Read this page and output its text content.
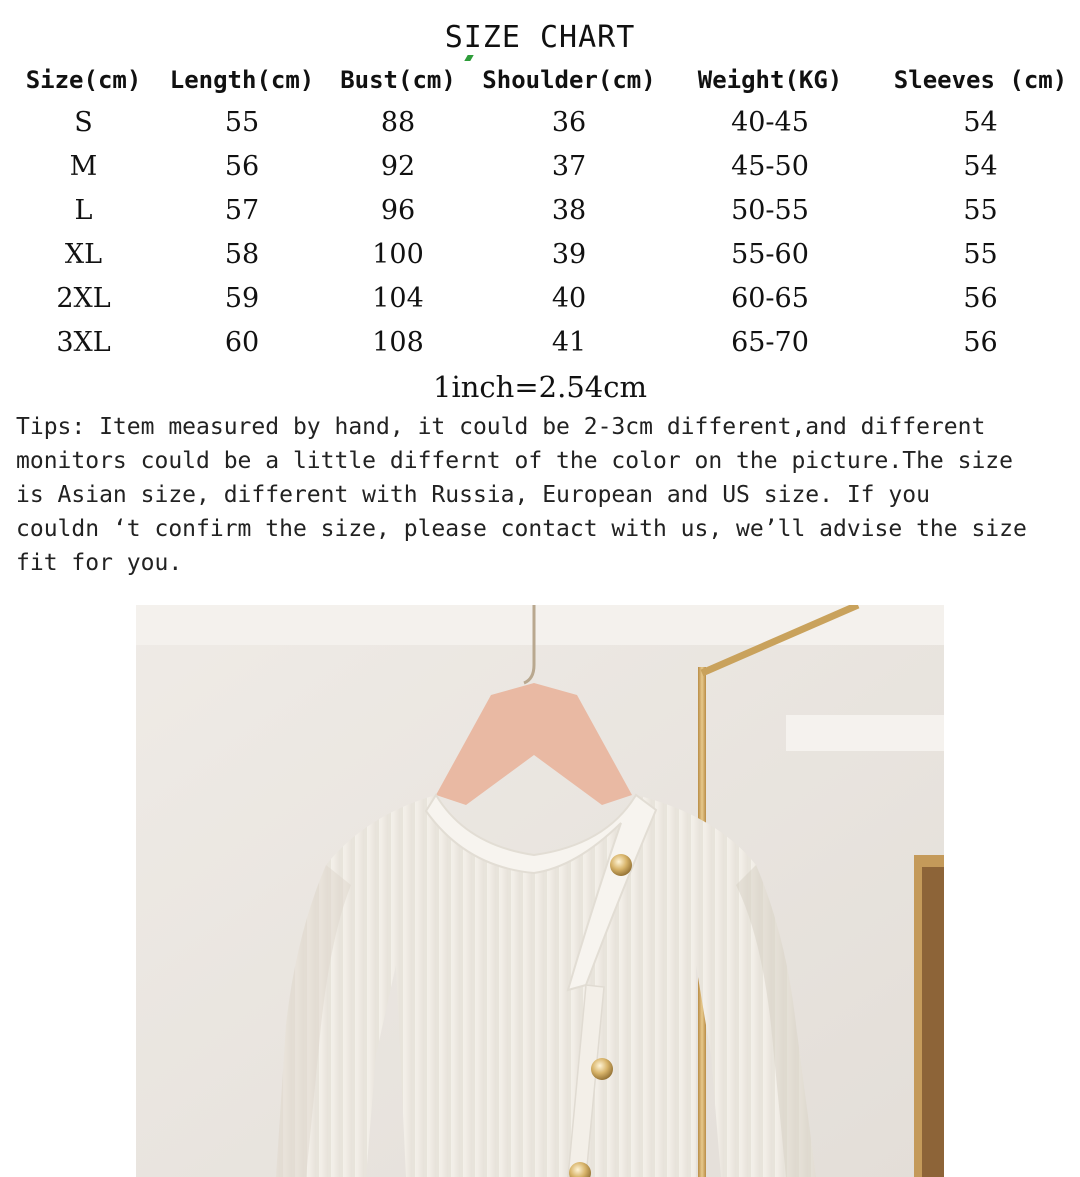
SIZE CHART
Size(cm)	Length(cm)	Bust(cm)	Shoulder(cm)	Weight(KG)	Sleeves (cm)
S	55	88	36	40-45	54
M	56	92	37	45-50	54
L	57	96	38	50-55	55
XL	58	100	39	55-60	55
2XL	59	104	40	60-65	56
3XL	60	108	41	65-70	56
1inch=2.54cm

Tips: Item measured by hand, it could be 2-3cm different,and different
monitors could be a little differnt of the color on the picture.The size
is Asian size, different with Russia, European and US size. If you
couldn ‘t confirm the size, please contact with us, we’ll advise the size
fit for you.
